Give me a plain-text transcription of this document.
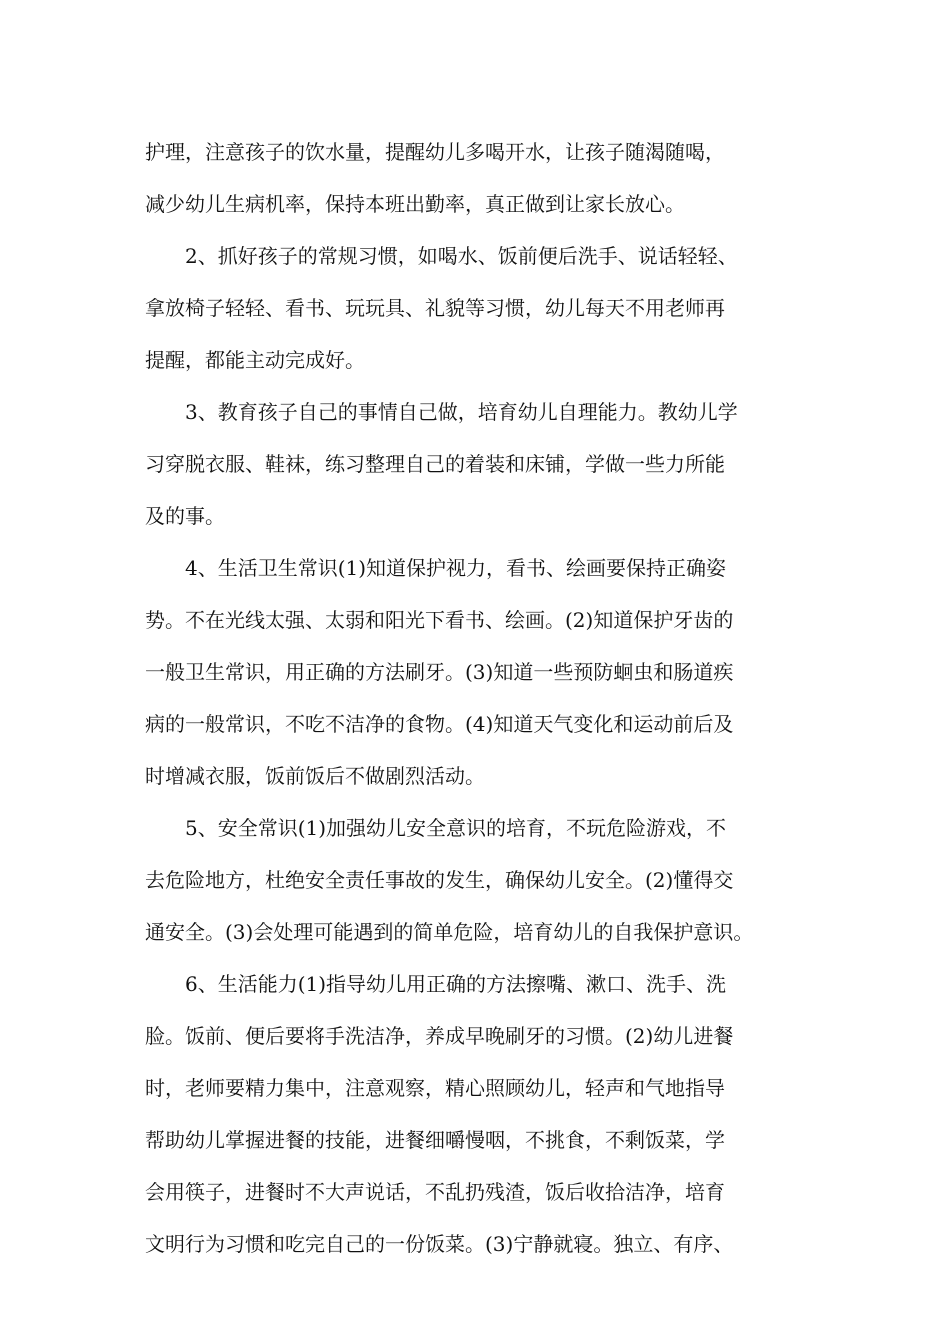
护理，注意孩子的饮水量，提醒幼儿多喝开水，让孩子随渴随喝，
减少幼儿生病机率，保持本班出勤率，真正做到让家长放心。
　　2、抓好孩子的常规习惯，如喝水、饭前便后洗手、说话轻轻、
拿放椅子轻轻、看书、玩玩具、礼貌等习惯，幼儿每天不用老师再
提醒，都能主动完成好。
　　3、教育孩子自己的事情自己做，培育幼儿自理能力。教幼儿学
习穿脱衣服、鞋袜，练习整理自己的着装和床铺，学做一些力所能
及的事。
　　4、生活卫生常识(1)知道保护视力，看书、绘画要保持正确姿
势。不在光线太强、太弱和阳光下看书、绘画。(2)知道保护牙齿的
一般卫生常识，用正确的方法刷牙。(3)知道一些预防蛔虫和肠道疾
病的一般常识，不吃不洁净的食物。(4)知道天气变化和运动前后及
时增减衣服，饭前饭后不做剧烈活动。
　　5、安全常识(1)加强幼儿安全意识的培育，不玩危险游戏，不
去危险地方，杜绝安全责任事故的发生，确保幼儿安全。(2)懂得交
通安全。(3)会处理可能遇到的简单危险，培育幼儿的自我保护意识。
　　6、生活能力(1)指导幼儿用正确的方法擦嘴、漱口、洗手、洗
脸。饭前、便后要将手洗洁净，养成早晚刷牙的习惯。(2)幼儿进餐
时，老师要精力集中，注意观察，精心照顾幼儿，轻声和气地指导
帮助幼儿掌握进餐的技能，进餐细嚼慢咽，不挑食，不剩饭菜，学
会用筷子，进餐时不大声说话，不乱扔残渣，饭后收拾洁净，培育
文明行为习惯和吃完自己的一份饭菜。(3)宁静就寝。独立、有序、
